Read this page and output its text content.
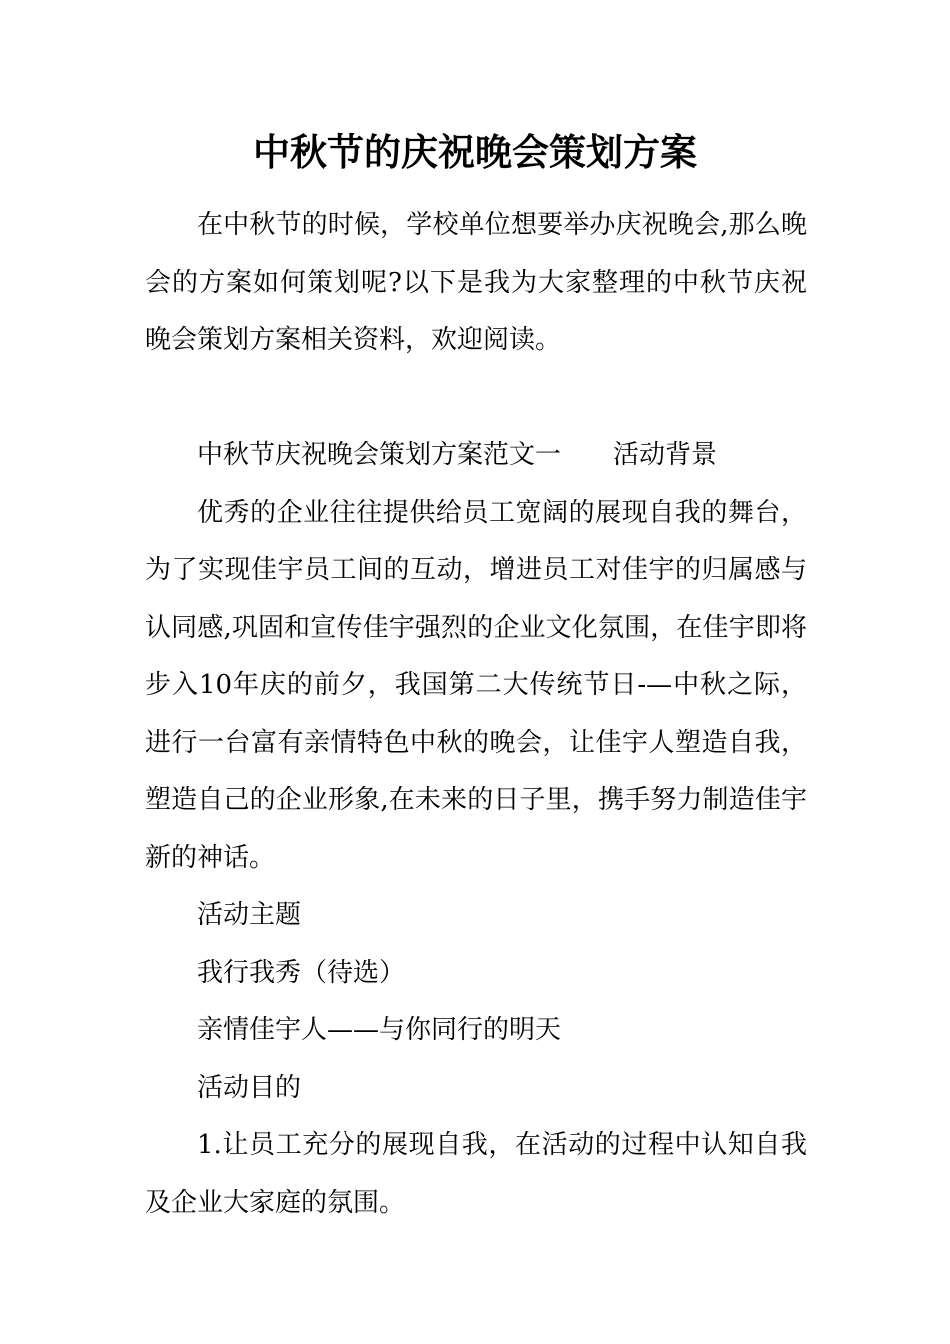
中秋节的庆祝晚会策划方案

在中秋节的时候，学校单位想要举办庆祝晚会,那么晚会的方案如何策划呢?以下是我为大家整理的中秋节庆祝晚会策划方案相关资料，欢迎阅读。

中秋节庆祝晚会策划方案范文一 活动背景

优秀的企业往往提供给员工宽阔的展现自我的舞台，为了实现佳宇员工间的互动，增进员工对佳宇的归属感与认同感,巩固和宣传佳宇强烈的企业文化氛围，在佳宇即将步入10年庆的前夕，我国第二大传统节日-—中秋之际，进行一台富有亲情特色中秋的晚会，让佳宇人塑造自我，塑造自己的企业形象,在未来的日子里，携手努力制造佳宇新的神话。

活动主题

我行我秀（待选）

亲情佳宇人——与你同行的明天

活动目的

1.让员工充分的展现自我，在活动的过程中认知自我及企业大家庭的氛围。
